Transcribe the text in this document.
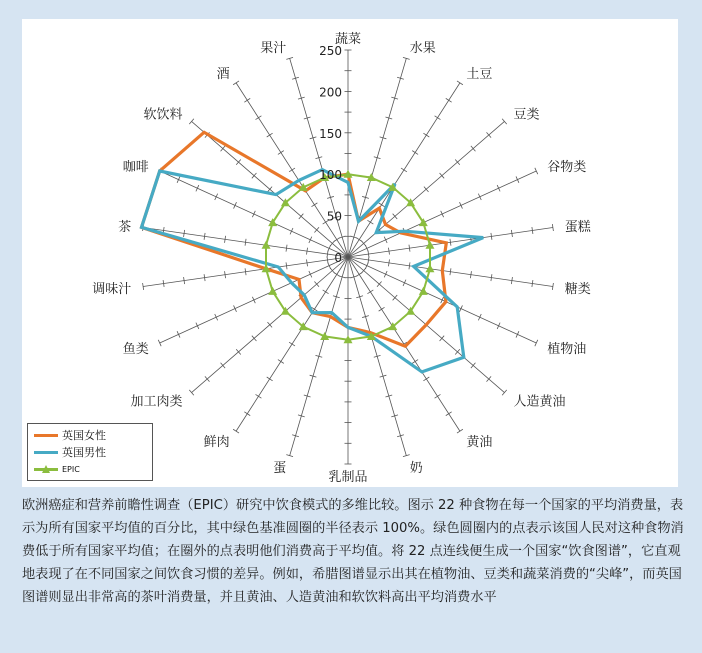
蔬菜
水果
土豆
豆类
谷物类
蛋糕
糖类
植物油
人造黄油
黄油
奶
乳制品
蛋
鲜肉
加工肉类
鱼类
调味汁
茶
咖啡
软饮料
酒
果汁
0
50
100
150
200
250
英国女性
英国男性
EPIC
欧洲癌症和营养前瞻性调查（EPIC）研究中饮食模式的多维比较。图示 22 种食物在每一个国家的平均消费量，表示为所有国家平均值的百分比，其中绿色基准圆圈的半径表示 100%。绿色圆圈内的点表示该国人民对这种食物消费低于所有国家平均值；在圈外的点表明他们消费高于平均值。将 22 点连线便生成一个国家“饮食图谱”，它直观地表现了在不同国家之间饮食习惯的差异。例如，希腊图谱显示出其在植物油、豆类和蔬菜消费的“尖峰”，而英国图谱则显出非常高的茶叶消费量，并且黄油、人造黄油和软饮料高出平均消费水平
